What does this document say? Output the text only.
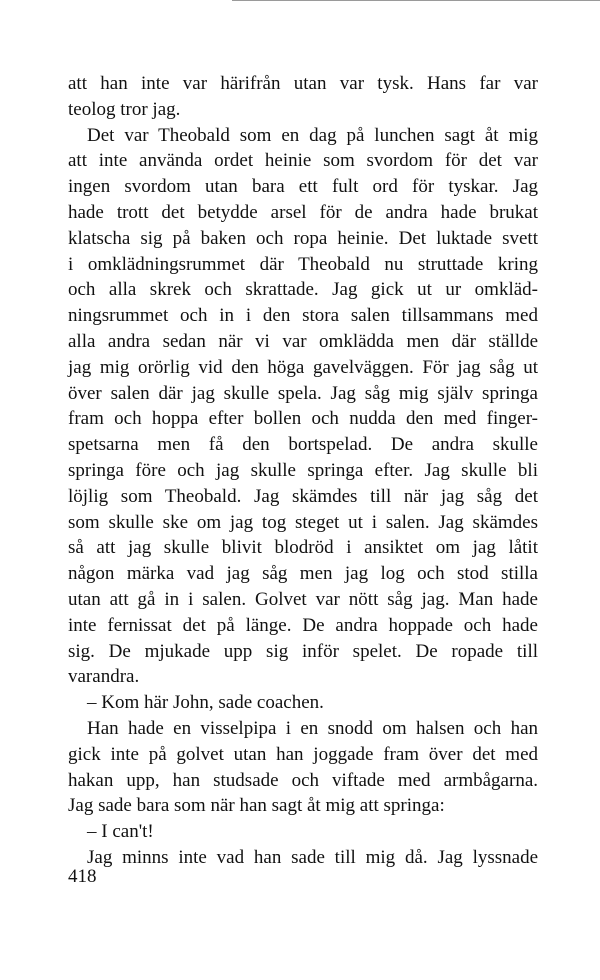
att han inte var härifrån utan var tysk. Hans far var
teolog tror jag.
Det var Theobald som en dag på lunchen sagt åt mig
att inte använda ordet heinie som svordom för det var
ingen svordom utan bara ett fult ord för tyskar. Jag
hade trott det betydde arsel för de andra hade brukat
klatscha sig på baken och ropa heinie. Det luktade svett
i omklädningsrummet där Theobald nu struttade kring
och alla skrek och skrattade. Jag gick ut ur omkläd-
ningsrummet och in i den stora salen tillsammans med
alla andra sedan när vi var omklädda men där ställde
jag mig orörlig vid den höga gavelväggen. För jag såg ut
över salen där jag skulle spela. Jag såg mig själv springa
fram och hoppa efter bollen och nudda den med finger-
spetsarna men få den bortspelad. De andra skulle
springa före och jag skulle springa efter. Jag skulle bli
löjlig som Theobald. Jag skämdes till när jag såg det
som skulle ske om jag tog steget ut i salen. Jag skämdes
så att jag skulle blivit blodröd i ansiktet om jag låtit
någon märka vad jag såg men jag log och stod stilla
utan att gå in i salen. Golvet var nött såg jag. Man hade
inte fernissat det på länge. De andra hoppade och hade
sig. De mjukade upp sig inför spelet. De ropade till
varandra.
– Kom här John, sade coachen.
Han hade en visselpipa i en snodd om halsen och han
gick inte på golvet utan han joggade fram över det med
hakan upp, han studsade och viftade med armbågarna.
Jag sade bara som när han sagt åt mig att springa:
– I can't!
Jag minns inte vad han sade till mig då. Jag lyssnade
418
